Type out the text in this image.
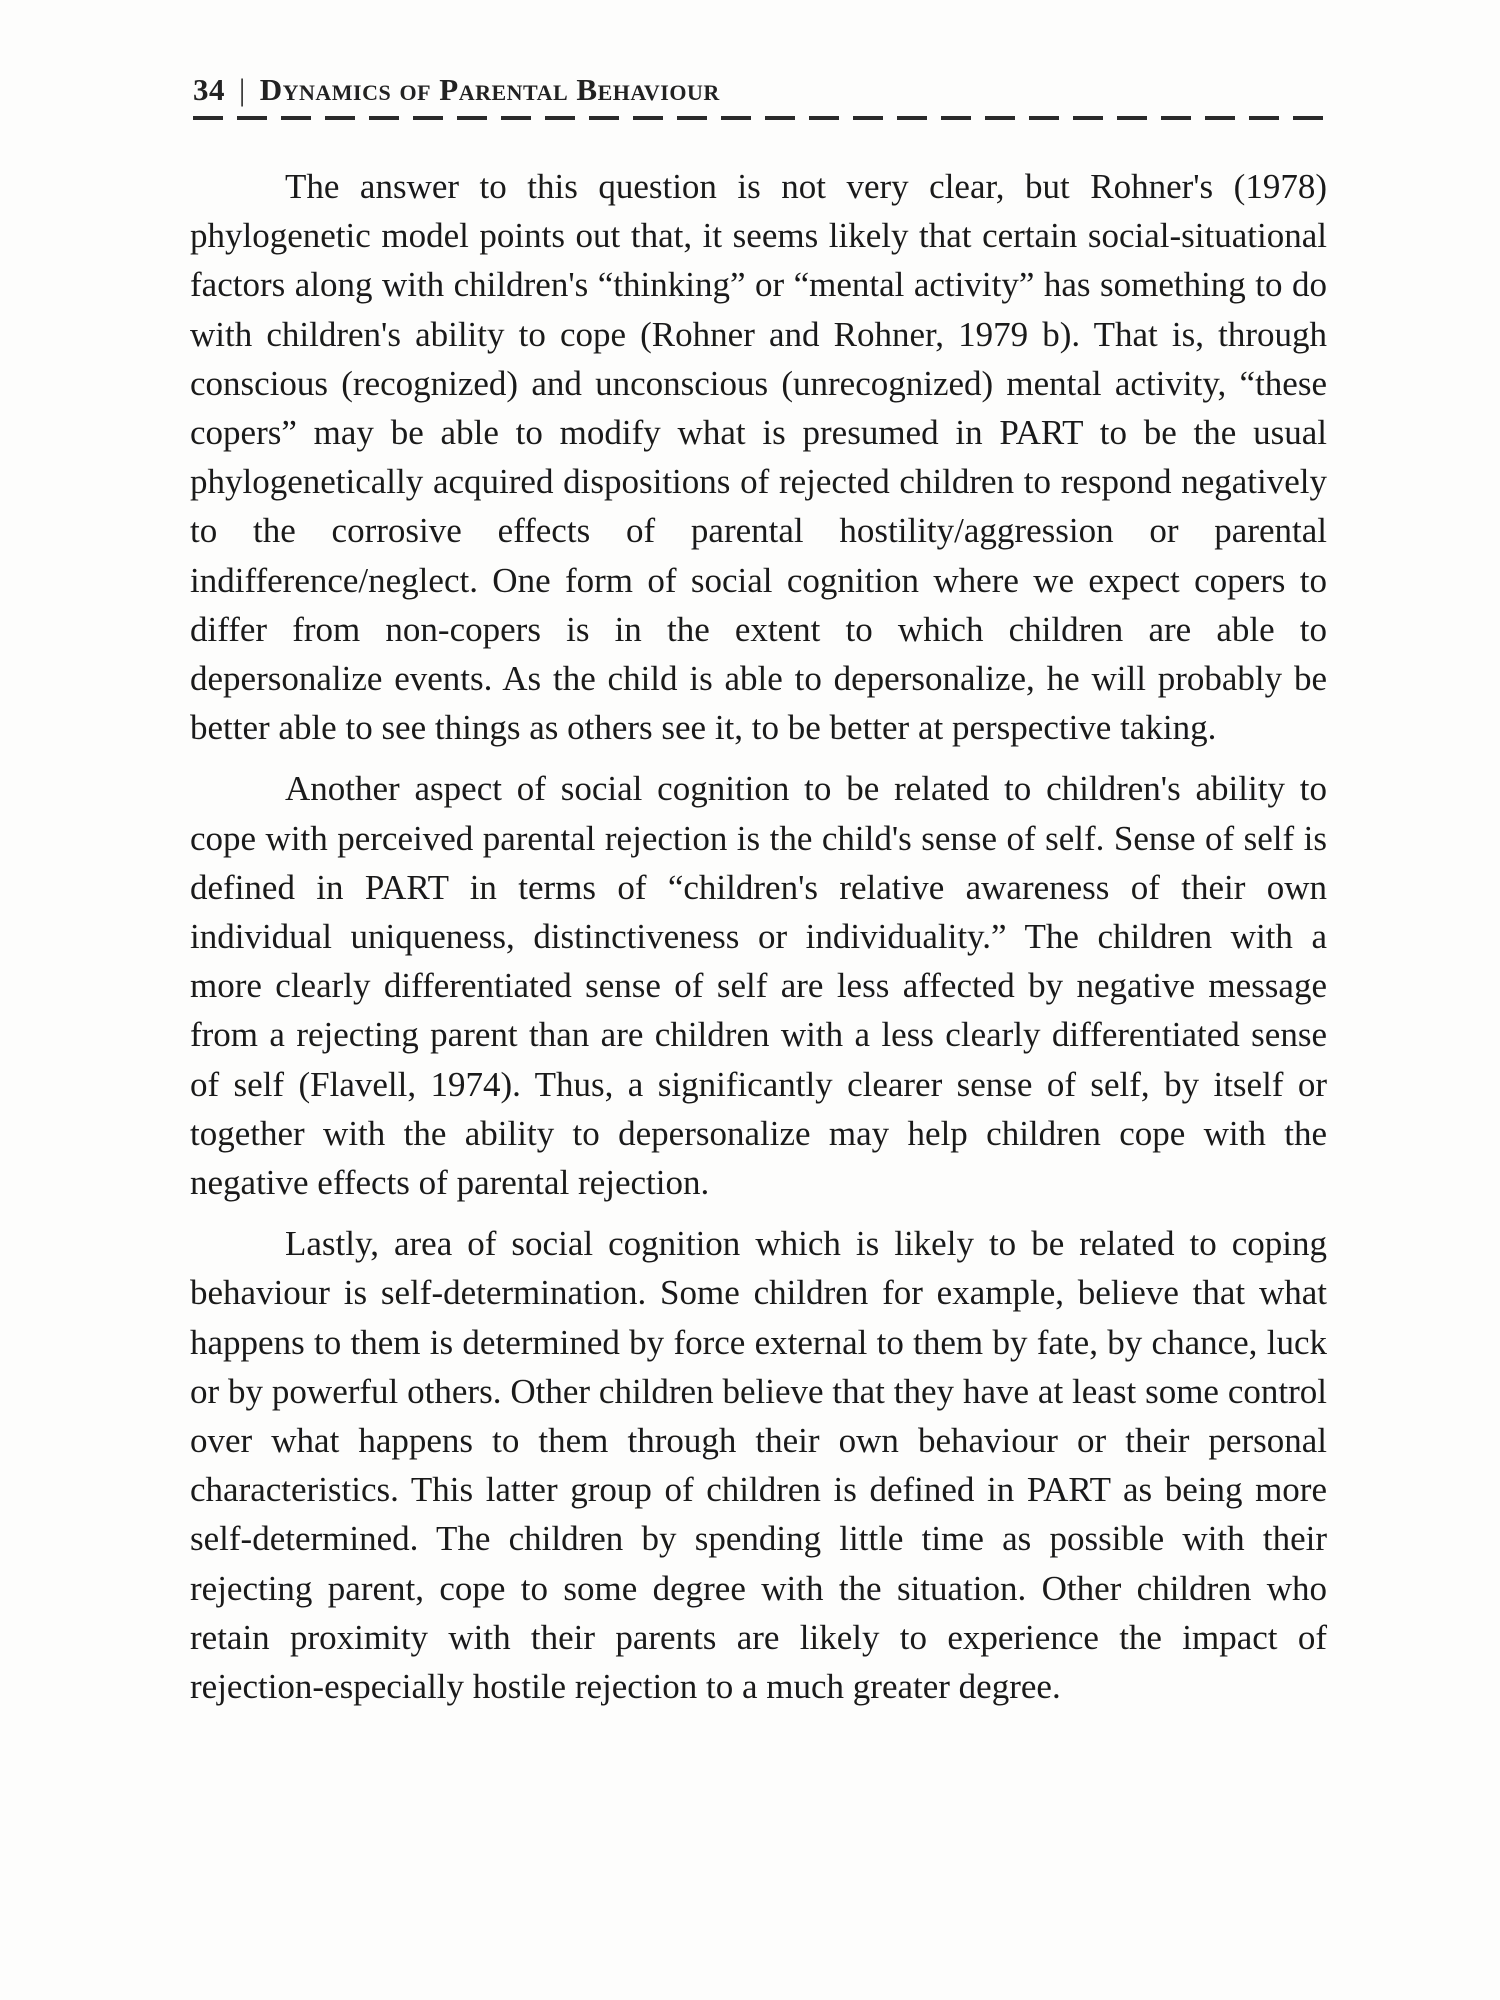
34 | Dynamics of Parental Behaviour

The answer to this question is not very clear, but Rohner's (1978) phylogenetic model points out that, it seems likely that certain social-situational factors along with children's “thinking” or “mental activity” has something to do with children's ability to cope (Rohner and Rohner, 1979 b). That is, through conscious (recognized) and unconscious (unrecognized) mental activity, “these copers” may be able to modify what is presumed in PART to be the usual phylogenetically acquired dispositions of rejected children to respond negatively to the corrosive effects of parental hostility/aggression or parental indifference/neglect. One form of social cognition where we expect copers to differ from non-copers is in the extent to which children are able to depersonalize events. As the child is able to depersonalize, he will probably be better able to see things as others see it, to be better at perspective taking.

Another aspect of social cognition to be related to children's ability to cope with perceived parental rejection is the child's sense of self. Sense of self is defined in PART in terms of “children's relative awareness of their own individual uniqueness, distinctiveness or individuality.” The children with a more clearly differentiated sense of self are less affected by negative message from a rejecting parent than are children with a less clearly differentiated sense of self (Flavell, 1974). Thus, a significantly clearer sense of self, by itself or together with the ability to depersonalize may help children cope with the negative effects of parental rejection.

Lastly, area of social cognition which is likely to be related to coping behaviour is self-determination. Some children for example, believe that what happens to them is determined by force external to them by fate, by chance, luck or by powerful others. Other children believe that they have at least some control over what happens to them through their own behaviour or their personal characteristics. This latter group of children is defined in PART as being more self-determined. The children by spending little time as possible with their rejecting parent, cope to some degree with the situation. Other children who retain proximity with their parents are likely to experience the impact of rejection-especially hostile rejection to a much greater degree.
